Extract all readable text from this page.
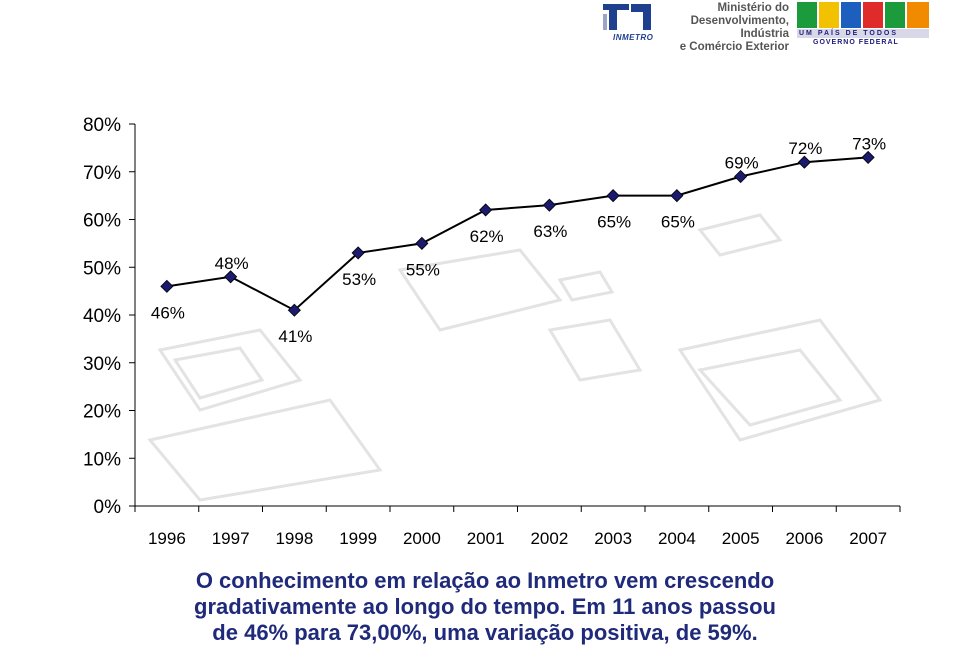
INMETRO
Ministério do
Desenvolvimento, Indústria
e Comércio Exterior
UM PAÍS DE TODOS
GOVERNO FEDERAL
0%
10%
20%
30%
40%
50%
60%
70%
80%
1996 1997 1998 1999 2000 2001 2002 2003 2004 2005 2006 2007
46%
48%
41%
53%
55%
62% 63%
65% 65%
69%
72% 73%
O conhecimento em relação ao Inmetro vem crescendo
gradativamente ao longo do tempo. Em 11 anos passou
de 46% para 73,00%, uma variação positiva, de 59%.
